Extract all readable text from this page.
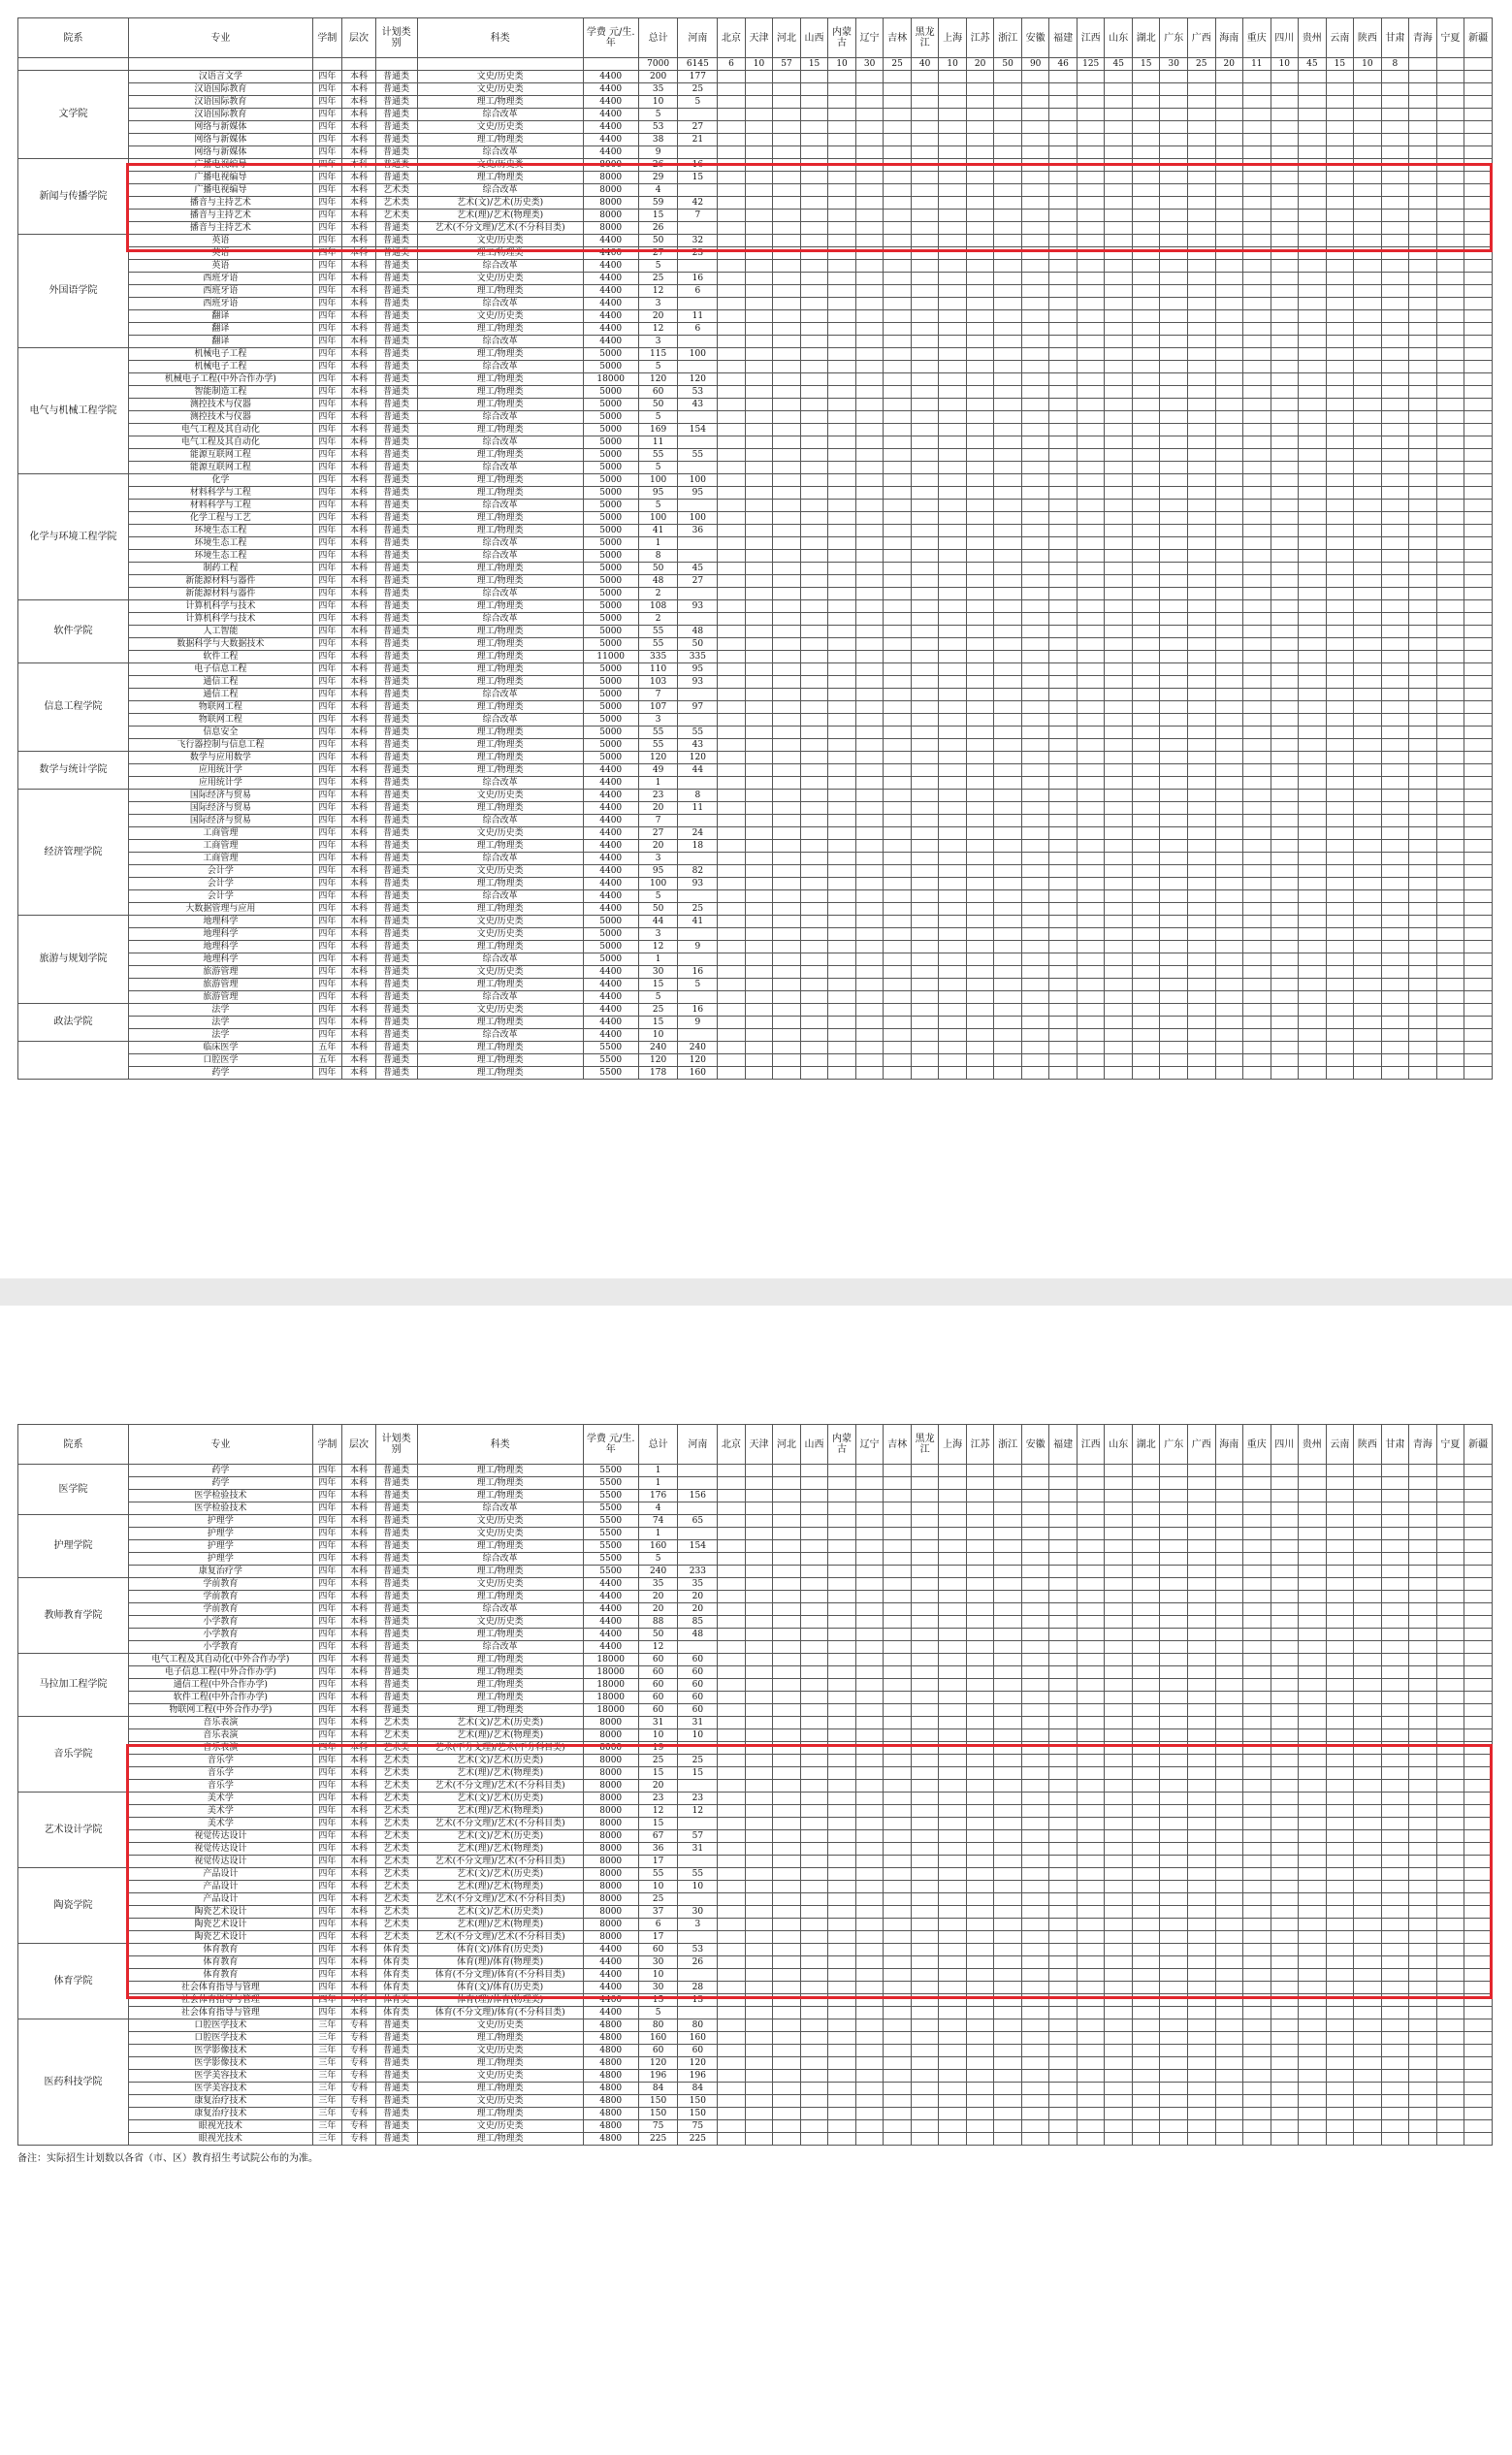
院系	专业	学制	层次	计划类别	科类	学费 元/生.年	总计	河南	北京	天津	河北	山西	内蒙古	辽宁	吉林	黑龙江	上海	江苏	浙江	安徽	福建	江西	山东	湖北	广东	广西	海南	重庆	四川	贵州	云南	陕西	甘肃	青海	宁夏	新疆
							7000	6145	6	10	57	15	10	30	25	40	10	20	50	90	46	125	45	15	30	25	20	11	10	45	15	10	8			
文学院	汉语言文学	四年	本科	普通类	文史/历史类	4400	200	177																												
	汉语国际教育	四年	本科	普通类	文史/历史类	4400	35	25																												
	汉语国际教育	四年	本科	普通类	理工/物理类	4400	10	5																												
	汉语国际教育	四年	本科	普通类	综合改革	4400	5																													
	网络与新媒体	四年	本科	普通类	文史/历史类	4400	53	27																												
	网络与新媒体	四年	本科	普通类	理工/物理类	4400	38	21																												
	网络与新媒体	四年	本科	普通类	综合改革	4400	9																													
新闻与传播学院	广播电视编导	四年	本科	普通类	文史/历史类	8000	26	16																												
	广播电视编导	四年	本科	普通类	理工/物理类	8000	29	15																												
	广播电视编导	四年	本科	艺术类	综合改革	8000	4																													
	播音与主持艺术	四年	本科	艺术类	艺术(文)/艺术(历史类)	8000	59	42																												
	播音与主持艺术	四年	本科	艺术类	艺术(理)/艺术(物理类)	8000	15	7																												
	播音与主持艺术	四年	本科	普通类	艺术(不分文理)/艺术(不分科目类)	8000	26																													
外国语学院	英语	四年	本科	普通类	文史/历史类	4400	50	32																												
	英语	四年	本科	普通类	理工/物理类	4400	27	23																												
	英语	四年	本科	普通类	综合改革	4400	5																													
	西班牙语	四年	本科	普通类	文史/历史类	4400	25	16																												
	西班牙语	四年	本科	普通类	理工/物理类	4400	12	6																												
	西班牙语	四年	本科	普通类	综合改革	4400	3																													
	翻译	四年	本科	普通类	文史/历史类	4400	20	11																												
	翻译	四年	本科	普通类	理工/物理类	4400	12	6																												
	翻译	四年	本科	普通类	综合改革	4400	3																													
电气与机械工程学院	机械电子工程	四年	本科	普通类	理工/物理类	5000	115	100																												
	机械电子工程	四年	本科	普通类	综合改革	5000	5																													
	机械电子工程(中外合作办学)	四年	本科	普通类	理工/物理类	18000	120	120																												
	智能制造工程	四年	本科	普通类	理工/物理类	5000	60	53																												
	测控技术与仪器	四年	本科	普通类	理工/物理类	5000	50	43																												
	测控技术与仪器	四年	本科	普通类	综合改革	5000	5																													
	电气工程及其自动化	四年	本科	普通类	理工/物理类	5000	169	154																												
	电气工程及其自动化	四年	本科	普通类	综合改革	5000	11																													
	能源互联网工程	四年	本科	普通类	理工/物理类	5000	55	55																												
	能源互联网工程	四年	本科	普通类	综合改革	5000	5																													
化学与环境工程学院	化学	四年	本科	普通类	理工/物理类	5000	100	100																												
	材料科学与工程	四年	本科	普通类	理工/物理类	5000	95	95																												
	材料科学与工程	四年	本科	普通类	综合改革	5000	5																													
	化学工程与工艺	四年	本科	普通类	理工/物理类	5000	100	100																												
	环境生态工程	四年	本科	普通类	理工/物理类	5000	41	36																												
	环境生态工程	四年	本科	普通类	综合改革	5000	1																													
	环境生态工程	四年	本科	普通类	综合改革	5000	8																													
	制药工程	四年	本科	普通类	理工/物理类	5000	50	45																												
	新能源材料与器件	四年	本科	普通类	理工/物理类	5000	48	27																												
	新能源材料与器件	四年	本科	普通类	综合改革	5000	2																													
软件学院	计算机科学与技术	四年	本科	普通类	理工/物理类	5000	108	93																												
	计算机科学与技术	四年	本科	普通类	综合改革	5000	2																													
	人工智能	四年	本科	普通类	理工/物理类	5000	55	48																												
	数据科学与大数据技术	四年	本科	普通类	理工/物理类	5000	55	50																												
	软件工程	四年	本科	普通类	理工/物理类	11000	335	335																												
信息工程学院	电子信息工程	四年	本科	普通类	理工/物理类	5000	110	95																												
	通信工程	四年	本科	普通类	理工/物理类	5000	103	93																												
	通信工程	四年	本科	普通类	综合改革	5000	7																													
	物联网工程	四年	本科	普通类	理工/物理类	5000	107	97																												
	物联网工程	四年	本科	普通类	综合改革	5000	3																													
	信息安全	四年	本科	普通类	理工/物理类	5000	55	55																												
	飞行器控制与信息工程	四年	本科	普通类	理工/物理类	5000	55	43																												
数学与统计学院	数学与应用数学	四年	本科	普通类	理工/物理类	5000	120	120																												
	应用统计学	四年	本科	普通类	理工/物理类	4400	49	44																												
	应用统计学	四年	本科	普通类	综合改革	4400	1																													
经济管理学院	国际经济与贸易	四年	本科	普通类	文史/历史类	4400	23	8																												
	国际经济与贸易	四年	本科	普通类	理工/物理类	4400	20	11																												
	国际经济与贸易	四年	本科	普通类	综合改革	4400	7																													
	工商管理	四年	本科	普通类	文史/历史类	4400	27	24																												
	工商管理	四年	本科	普通类	理工/物理类	4400	20	18																												
	工商管理	四年	本科	普通类	综合改革	4400	3																													
	会计学	四年	本科	普通类	文史/历史类	4400	95	82																												
	会计学	四年	本科	普通类	理工/物理类	4400	100	93																												
	会计学	四年	本科	普通类	综合改革	4400	5																													
	大数据管理与应用	四年	本科	普通类	理工/物理类	4400	50	25																												
旅游与规划学院	地理科学	四年	本科	普通类	文史/历史类	5000	44	41																												
	地理科学	四年	本科	普通类	文史/历史类	5000	3																													
	地理科学	四年	本科	普通类	理工/物理类	5000	12	9																												
	地理科学	四年	本科	普通类	综合改革	5000	1																													
	旅游管理	四年	本科	普通类	文史/历史类	4400	30	16																												
	旅游管理	四年	本科	普通类	理工/物理类	4400	15	5																												
	旅游管理	四年	本科	普通类	综合改革	4400	5																													
政法学院	法学	四年	本科	普通类	文史/历史类	4400	25	16																												
	法学	四年	本科	普通类	理工/物理类	4400	15	9																												
	法学	四年	本科	普通类	综合改革	4400	10																													
	临床医学	五年	本科	普通类	理工/物理类	5500	240	240																												
	口腔医学	五年	本科	普通类	理工/物理类	5500	120	120																												
	药学	四年	本科	普通类	理工/物理类	5500	178	160																												
院系	专业	学制	层次	计划类别	科类	学费 元/生.年	总计	河南	北京	天津	河北	山西	内蒙古	辽宁	吉林	黑龙江	上海	江苏	浙江	安徽	福建	江西	山东	湖北	广东	广西	海南	重庆	四川	贵州	云南	陕西	甘肃	青海	宁夏	新疆
医学院	药学	四年	本科	普通类	理工/物理类	5500	1																													
	药学	四年	本科	普通类	理工/物理类	5500	1																													
	医学检验技术	四年	本科	普通类	理工/物理类	5500	176	156																												
	医学检验技术	四年	本科	普通类	综合改革	5500	4																													
护理学院	护理学	四年	本科	普通类	文史/历史类	5500	74	65																												
	护理学	四年	本科	普通类	文史/历史类	5500	1																													
	护理学	四年	本科	普通类	理工/物理类	5500	160	154																												
	护理学	四年	本科	普通类	综合改革	5500	5																													
	康复治疗学	四年	本科	普通类	理工/物理类	5500	240	233																												
教师教育学院	学前教育	四年	本科	普通类	文史/历史类	4400	35	35																												
	学前教育	四年	本科	普通类	理工/物理类	4400	20	20																												
	学前教育	四年	本科	普通类	综合改革	4400	20	20																												
	小学教育	四年	本科	普通类	文史/历史类	4400	88	85																												
	小学教育	四年	本科	普通类	理工/物理类	4400	50	48																												
	小学教育	四年	本科	普通类	综合改革	4400	12																													
马拉加工程学院	电气工程及其自动化(中外合作办学)	四年	本科	普通类	理工/物理类	18000	60	60																												
	电子信息工程(中外合作办学)	四年	本科	普通类	理工/物理类	18000	60	60																												
	通信工程(中外合作办学)	四年	本科	普通类	理工/物理类	18000	60	60																												
	软件工程(中外合作办学)	四年	本科	普通类	理工/物理类	18000	60	60																												
	物联网工程(中外合作办学)	四年	本科	普通类	理工/物理类	18000	60	60																												
音乐学院	音乐表演	四年	本科	艺术类	艺术(文)/艺术(历史类)	8000	31	31																												
	音乐表演	四年	本科	艺术类	艺术(理)/艺术(物理类)	8000	10	10																												
	音乐表演	四年	本科	艺术类	艺术(不分文理)/艺术(不分科目类)	8000	19																													
	音乐学	四年	本科	艺术类	艺术(文)/艺术(历史类)	8000	25	25																												
	音乐学	四年	本科	艺术类	艺术(理)/艺术(物理类)	8000	15	15																												
	音乐学	四年	本科	艺术类	艺术(不分文理)/艺术(不分科目类)	8000	20																													
艺术设计学院	美术学	四年	本科	艺术类	艺术(文)/艺术(历史类)	8000	23	23																												
	美术学	四年	本科	艺术类	艺术(理)/艺术(物理类)	8000	12	12																												
	美术学	四年	本科	艺术类	艺术(不分文理)/艺术(不分科目类)	8000	15																													
	视觉传达设计	四年	本科	艺术类	艺术(文)/艺术(历史类)	8000	67	57																												
	视觉传达设计	四年	本科	艺术类	艺术(理)/艺术(物理类)	8000	36	31																												
	视觉传达设计	四年	本科	艺术类	艺术(不分文理)/艺术(不分科目类)	8000	17																													
陶瓷学院	产品设计	四年	本科	艺术类	艺术(文)/艺术(历史类)	8000	55	55																												
	产品设计	四年	本科	艺术类	艺术(理)/艺术(物理类)	8000	10	10																												
	产品设计	四年	本科	艺术类	艺术(不分文理)/艺术(不分科目类)	8000	25																													
	陶瓷艺术设计	四年	本科	艺术类	艺术(文)/艺术(历史类)	8000	37	30																												
	陶瓷艺术设计	四年	本科	艺术类	艺术(理)/艺术(物理类)	8000	6	3																												
	陶瓷艺术设计	四年	本科	艺术类	艺术(不分文理)/艺术(不分科目类)	8000	17																													
体育学院	体育教育	四年	本科	体育类	体育(文)/体育(历史类)	4400	60	53																												
	体育教育	四年	本科	体育类	体育(理)/体育(物理类)	4400	30	26																												
	体育教育	四年	本科	体育类	体育(不分文理)/体育(不分科目类)	4400	10																													
	社会体育指导与管理	四年	本科	体育类	体育(文)/体育(历史类)	4400	30	28																												
	社会体育指导与管理	四年	本科	体育类	体育(理)/体育(物理类)	4400	15	13																												
	社会体育指导与管理	四年	本科	体育类	体育(不分文理)/体育(不分科目类)	4400	5																													
医药科技学院	口腔医学技术	三年	专科	普通类	文史/历史类	4800	80	80																												
	口腔医学技术	三年	专科	普通类	理工/物理类	4800	160	160																												
	医学影像技术	三年	专科	普通类	文史/历史类	4800	60	60																												
	医学影像技术	三年	专科	普通类	理工/物理类	4800	120	120																												
	医学美容技术	三年	专科	普通类	文史/历史类	4800	196	196																												
	医学美容技术	三年	专科	普通类	理工/物理类	4800	84	84																												
	康复治疗技术	三年	专科	普通类	文史/历史类	4800	150	150																												
	康复治疗技术	三年	专科	普通类	理工/物理类	4800	150	150																												
	眼视光技术	三年	专科	普通类	文史/历史类	4800	75	75																												
	眼视光技术	三年	专科	普通类	理工/物理类	4800	225	225																												
备注：实际招生计划数以各省（市、区）教育招生考试院公布的为准。
